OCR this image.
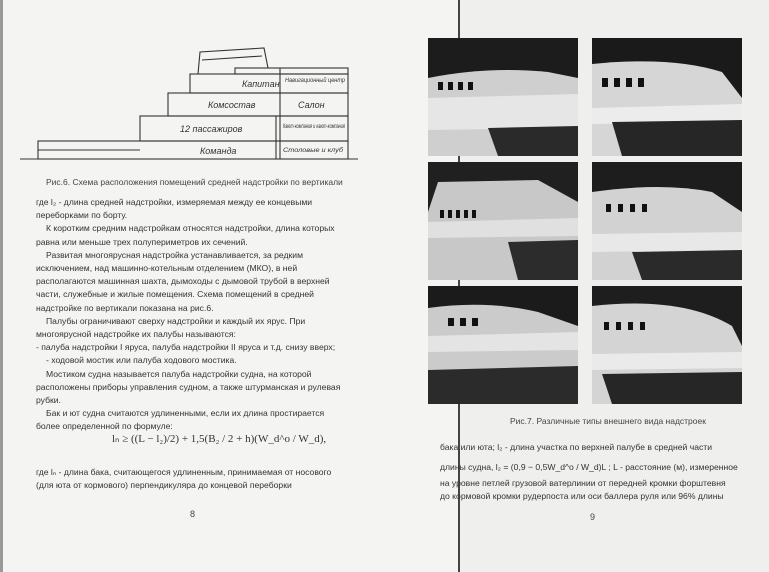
Капитан
Комсостав	Салон
12 пассажиров
Команда
Навигационный центр
Кают-компания и кают-компания
Столовые и клуб
Рис.6. Схема расположения помещений средней надстройки по вертикали

где l₂ - длина средней надстройки, измеряемая между ее концевыми переборками по борту.

К коротким средним надстройкам относятся надстройки, длина которых равна или меньше трех полупериметров их сечений.

Развитая многоярусная надстройка устанавливается, за редким исключением, над машинно-котельным отделением (МКО), в ней располагаются машинная шахта, дымоходы с дымовой трубой в верхней части, служебные и жилые помещения. Схема помещений в средней надстройке по вертикали показана на рис.6.

Палубы ограничивают сверху надстройки и каждый их ярус. При многоярусной надстройке их палубы называются:

- палуба надстройки I яруса, палуба надстройки II яруса и т.д. снизу вверх;

- ходовой мостик или палуба ходового мостика.

Мостиком судна называется палуба надстройки судна, на которой расположены приборы управления судном, а также штурманская и рулевая рубки.

Бак и ют судна считаются удлиненными, если их длина простирается более определенной по формуле:

lₙ ≥ ((L − l₂)/2) + 1,5(B₂ / 2 + h)(W_d^o / W_d),

где lₙ - длина бака, считающегося удлиненным, принимаемая от носового (для юта от кормового) перпендикуляра до концевой переборки

8
Рис.7. Различные типы внешнего вида надстроек

бака или юта; l₂ - длина участка по верхней палубе в средней части

длины судна, l₂ = (0,9 − 0,5W_d^o / W_d)L ; L - расстояние (м), измеренное

на уровне петлей грузовой ватерлинии от передней кромки форштевня

до кормовой кромки рудерпоста или оси баллера руля или 96% длины

9
